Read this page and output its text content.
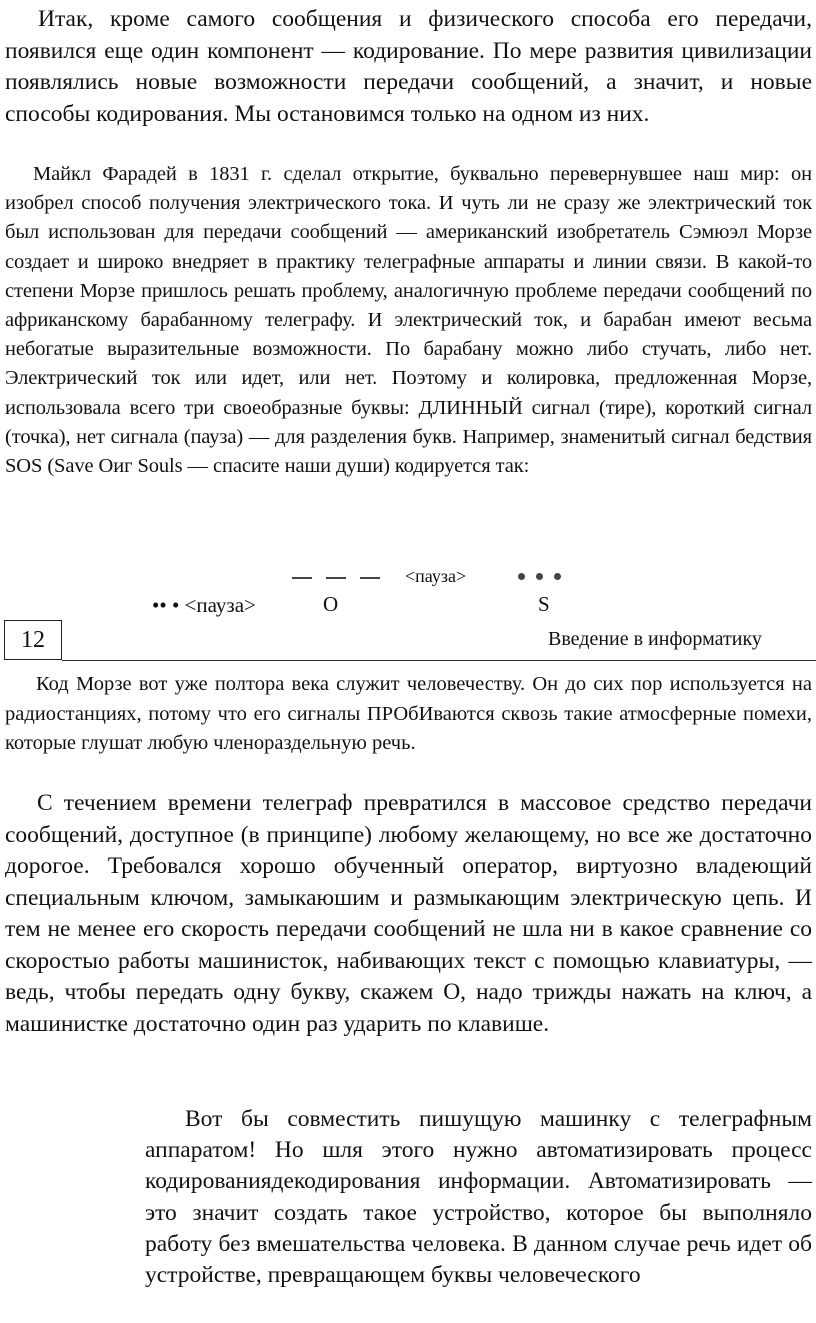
Итак, кроме самого сообщения и физического способа его передачи, появился еще один компонент — кодирование. По мере развития цивилизации появлялись новые возможности передачи сообщений, а значит, и новые способы кодирования. Мы остановимся только на одном из них.

Майкл Фарадей в 1831 г. сделал открытие, буквально перевернувшее наш мир: он изобрел способ получения электрического тока. И чуть ли не сразу же электрический ток был использован для передачи сообщений — американский изобретатель Сэмюэл Морзе создает и широко внедряет в практику телеграфные аппараты и линии связи. В какой-то степени Морзе пришлось решать проблему, аналогичную проблеме передачи сообщений по африканскому барабанному телеграфу. И электрический ток, и барабан имеют весьма небогатые выразительные возможности. По барабану можно либо стучать, либо нет. Электрический ток или идет, или нет. Поэтому и колировка, предложенная Морзе, использовала всего три своеобразные буквы: ДЛИННЫЙ сигнал (тире), короткий сигнал (точка), нет сигнала (пауза) — для разделения букв. Например, знаменитый сигнал бедствия SOS (Save Оиг Souls — спасите наши души) кодируется так:

•• • <пауза>
<пауза>
O	S
12	Введение в информатику

Код Морзе вот уже полтора века служит человечеству. Он до сих пор используется на радиостанциях, потому что его сигналы ПРОбИваются сквозь такие атмосферные помехи, которые глушат любую членораздельную речь.

С течением времени телеграф превратился в массовое средство передачи сообщений, доступное (в принципе) любому желающему, но все же достаточно дорогое. Требовался хорошо обученный оператор, виртуозно владеющий специальным ключом, замыкаюшим и размыкающим электрическую цепь. И тем не менее его скорость передачи сообщений не шла ни в какое сравнение со скоростыо работы машинисток, набивающих текст с помощью клавиатуры, — ведь, чтобы передать одну букву, скажем О, надо трижды нажать на ключ, а машинистке достаточно один раз ударить по клавише.

Вот бы совместить пишущую машинку с телеграфным аппаратом! Но шля этого нужно автоматизировать процесс кодированиядекодирования информации. Автоматизировать — это значит создать такое устройство, которое бы выполняло работу без вмешательства человека. В данном случае речь идет об устройстве, превращающем буквы человеческого
